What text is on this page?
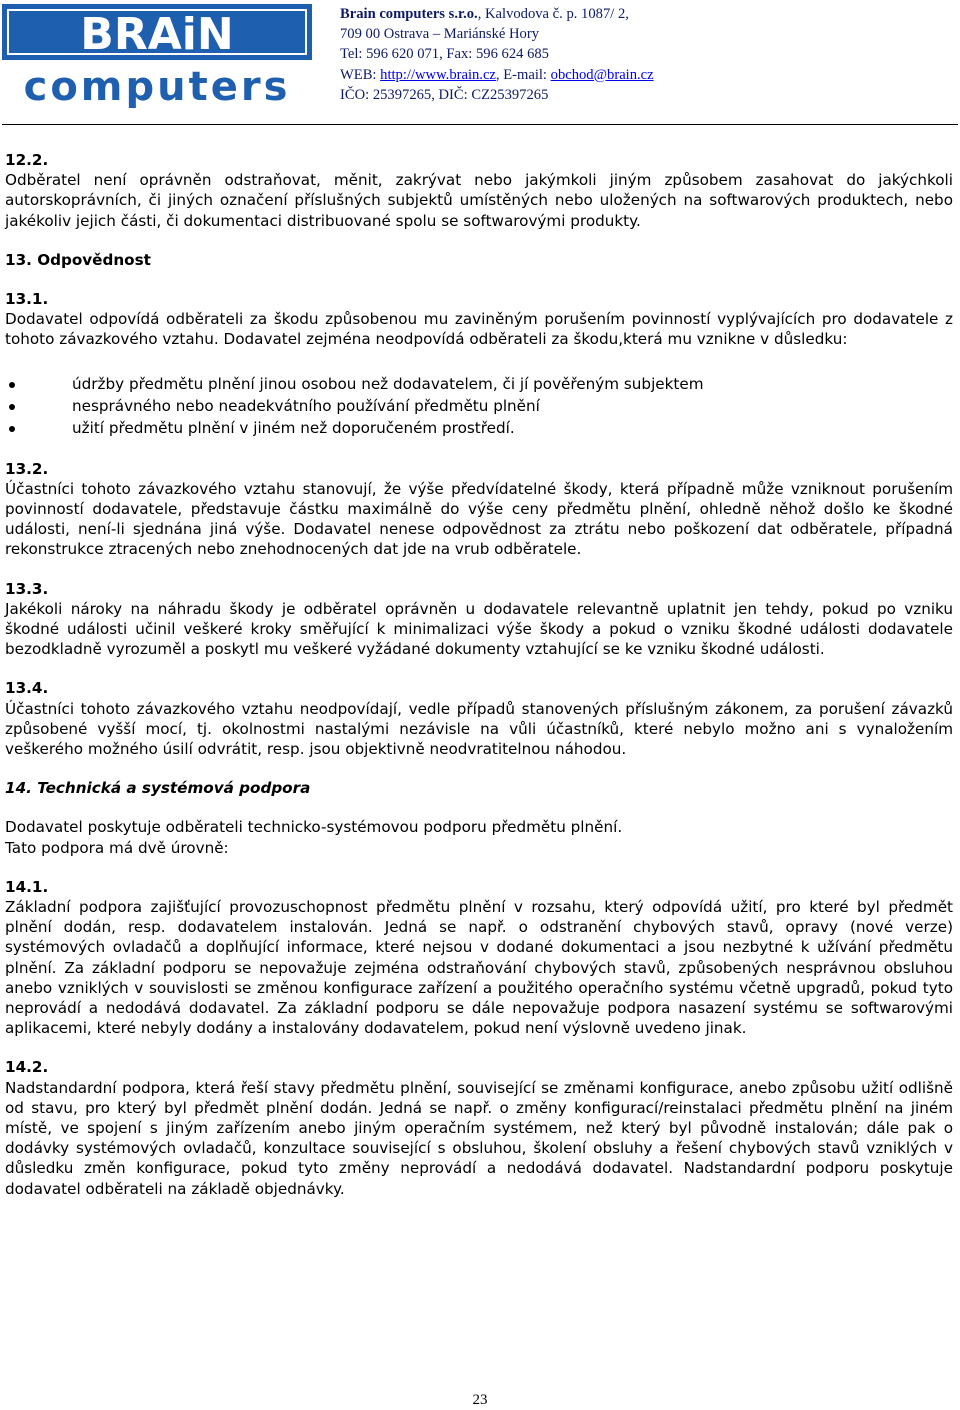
BRAiN
computers
Brain computers s.r.o., Kalvodova č. p. 1087/ 2,
709 00 Ostrava – Mariánské Hory
Tel: 596 620 071, Fax: 596 624 685
WEB: http://www.brain.cz, E-mail: obchod@brain.cz
IČO: 25397265, DIČ: CZ25397265
12.2.

Odběratel není oprávněn odstraňovat, měnit, zakrývat nebo jakýmkoli jiným způsobem zasahovat do jakýchkoli autorskoprávních, či jiných označení příslušných subjektů umístěných nebo uložených na softwarových produktech, nebo jakékoliv jejich části, či dokumentaci distribuované spolu se softwarovými produkty.

13. Odpovědnost
13.1.

Dodavatel odpovídá odběrateli za škodu způsobenou mu zaviněným porušením povinností vyplývajících pro dodavatele z tohoto závazkového vztahu. Dodavatel zejména neodpovídá odběrateli za škodu,která mu vznikne v důsledku:

údržby předmětu plnění jinou osobou než dodavatelem, či jí pověřeným subjektem
nesprávného nebo neadekvátního používání předmětu plnění
užití předmětu plnění v jiném než doporučeném prostředí.
13.2.

Účastníci tohoto závazkového vztahu stanovují, že výše předvídatelné škody, která případně může vzniknout porušením povinností dodavatele, představuje částku maximálně do výše ceny předmětu plnění, ohledně něhož došlo ke škodné události, není-li sjednána jiná výše. Dodavatel nenese odpovědnost za ztrátu nebo poškození dat odběratele, případná rekonstrukce ztracených nebo znehodnocených dat jde na vrub odběratele.

13.3.

Jakékoli nároky na náhradu škody je odběratel oprávněn u dodavatele relevantně uplatnit jen tehdy, pokud po vzniku škodné události učinil veškeré kroky směřující k minimalizaci výše škody a pokud o vzniku škodné události dodavatele bezodkladně vyrozuměl a poskytl mu veškeré vyžádané dokumenty vztahující se ke vzniku škodné události.

13.4.

Účastníci tohoto závazkového vztahu neodpovídají, vedle případů stanovených příslušným zákonem, za porušení závazků způsobené vyšší mocí, tj. okolnostmi nastalými nezávisle na vůli účastníků, které nebylo možno ani s vynaložením veškerého možného úsilí odvrátit, resp. jsou objektivně neodvratitelnou náhodou.

14. Technická a systémová podpora

Dodavatel poskytuje odběrateli technicko-systémovou podporu předmětu plnění.

Tato podpora má dvě úrovně:

14.1.

Základní podpora zajišťující provozuschopnost předmětu plnění v rozsahu, který odpovídá užití, pro které byl předmět plnění dodán, resp. dodavatelem instalován. Jedná se např. o odstranění chybových stavů, opravy (nové verze) systémových ovladačů a doplňující informace, které nejsou v dodané dokumentaci a jsou nezbytné k užívání předmětu plnění. Za základní podporu se nepovažuje zejména odstraňování chybových stavů, způsobených nesprávnou obsluhou anebo vzniklých v souvislosti se změnou konfigurace zařízení a použitého operačního systému včetně upgradů, pokud tyto neprovádí a nedodává dodavatel. Za základní podporu se dále nepovažuje podpora nasazení systému se softwarovými aplikacemi, které nebyly dodány a instalovány dodavatelem, pokud není výslovně uvedeno jinak.

14.2.

Nadstandardní podpora, která řeší stavy předmětu plnění, související se změnami konfigurace, anebo způsobu užití odlišně od stavu, pro který byl předmět plnění dodán. Jedná se např. o změny konfigurací/reinstalaci předmětu plnění na jiném místě, ve spojení s jiným zařízením anebo jiným operačním systémem, než který byl původně instalován; dále pak o dodávky systémových ovladačů, konzultace související s obsluhou, školení obsluhy a řešení chybových stavů vzniklých v důsledku změn konfigurace, pokud tyto změny neprovádí a nedodává dodavatel. Nadstandardní podporu poskytuje dodavatel odběrateli na základě objednávky.

23
